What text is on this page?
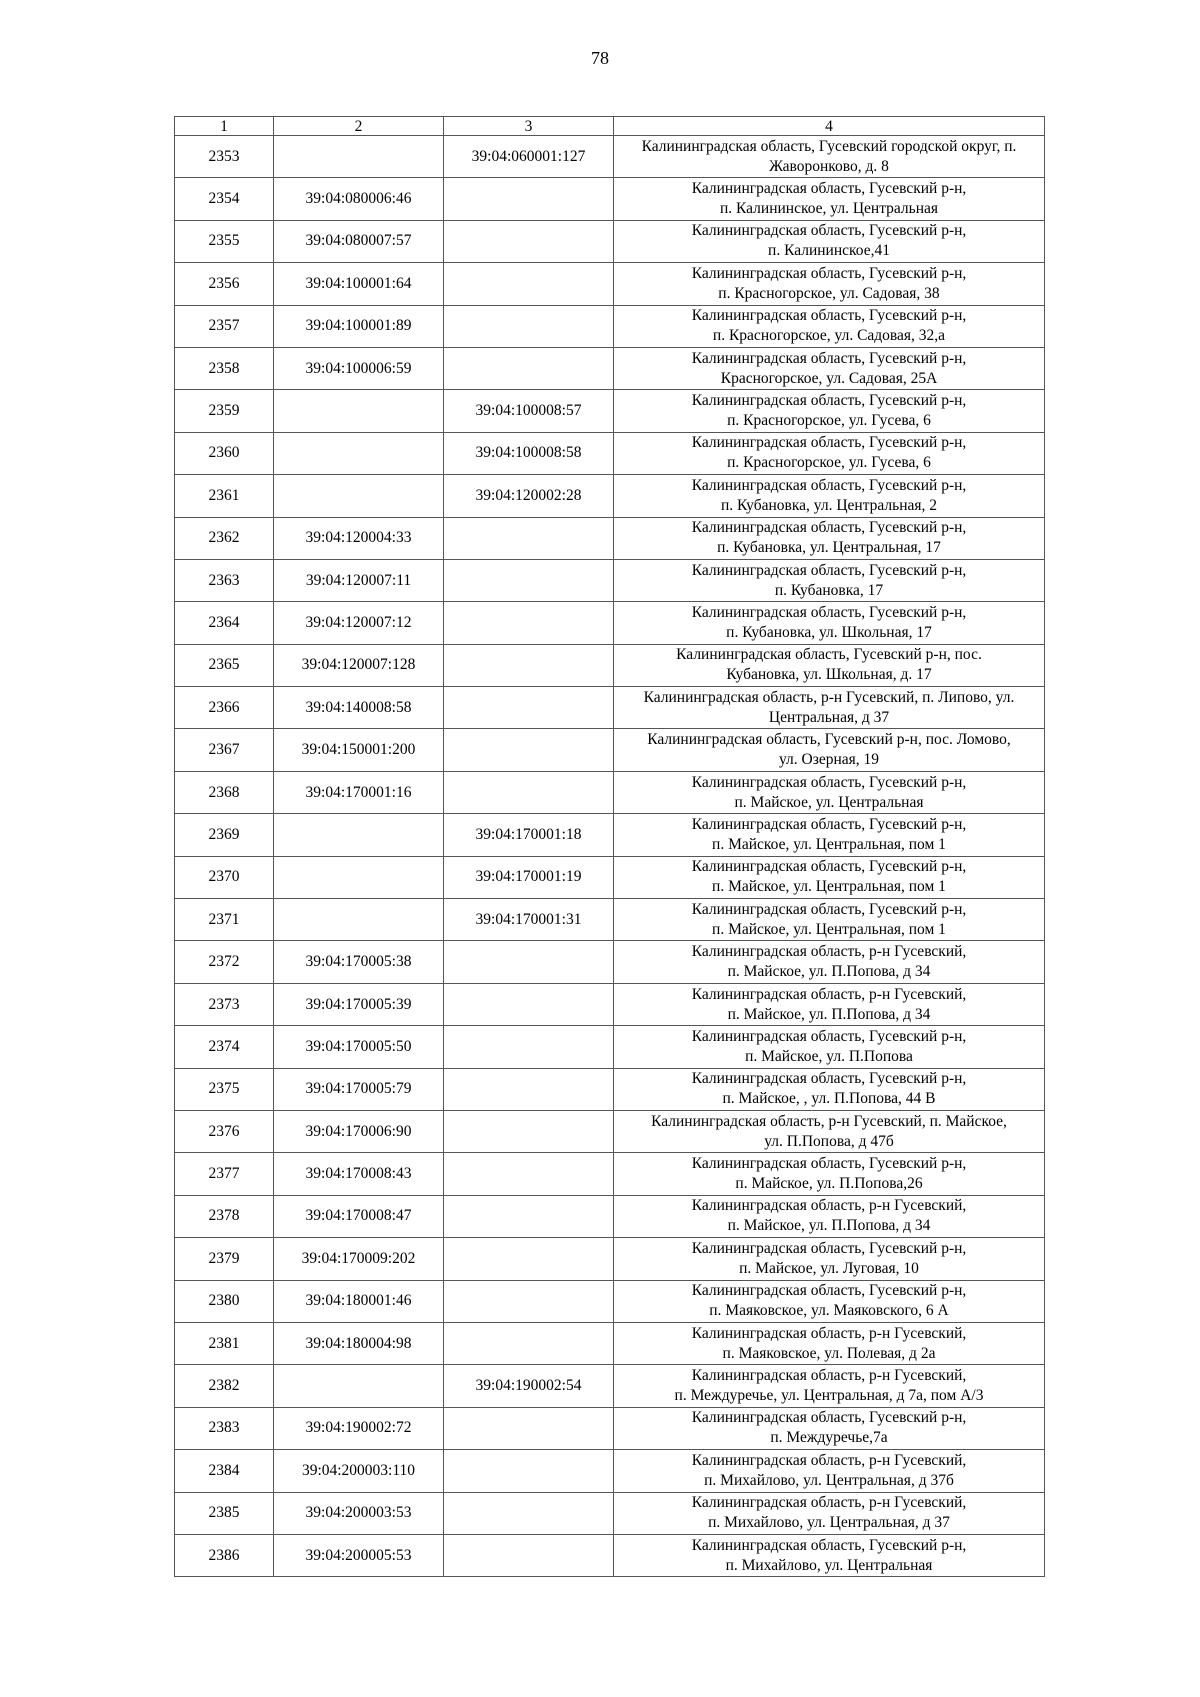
78
1	2	3	4
2353		39:04:060001:127	Калининградская область, Гусевский городской округ, п.
Жаворонково, д. 8
2354	39:04:080006:46		Калининградская область, Гусевский р-н,
п. Калининское, ул. Центральная
2355	39:04:080007:57		Калининградская область, Гусевский р-н,
п. Калининское,41
2356	39:04:100001:64		Калининградская область, Гусевский р-н,
п. Красногорское, ул. Садовая, 38
2357	39:04:100001:89		Калининградская область, Гусевский р-н,
п. Красногорское, ул. Садовая, 32,а
2358	39:04:100006:59		Калининградская область, Гусевский р-н,
Красногорское, ул. Садовая, 25А
2359		39:04:100008:57	Калининградская область, Гусевский р-н,
п. Красногорское, ул. Гусева, 6
2360		39:04:100008:58	Калининградская область, Гусевский р-н,
п. Красногорское, ул. Гусева, 6
2361		39:04:120002:28	Калининградская область, Гусевский р-н,
п. Кубановка, ул. Центральная, 2
2362	39:04:120004:33		Калининградская область, Гусевский р-н,
п. Кубановка, ул. Центральная, 17
2363	39:04:120007:11		Калининградская область, Гусевский р-н,
п. Кубановка, 17
2364	39:04:120007:12		Калининградская область, Гусевский р-н,
п. Кубановка, ул. Школьная, 17
2365	39:04:120007:128		Калининградская область, Гусевский р-н, пос.
Кубановка, ул. Школьная, д. 17
2366	39:04:140008:58		Калининградская область, р-н Гусевский, п. Липово, ул.
Центральная, д 37
2367	39:04:150001:200		Калининградская область, Гусевский р-н, пос. Ломово,
ул. Озерная, 19
2368	39:04:170001:16		Калининградская область, Гусевский р-н,
п. Майское, ул. Центральная
2369		39:04:170001:18	Калининградская область, Гусевский р-н,
п. Майское, ул. Центральная, пом 1
2370		39:04:170001:19	Калининградская область, Гусевский р-н,
п. Майское, ул. Центральная, пом 1
2371		39:04:170001:31	Калининградская область, Гусевский р-н,
п. Майское, ул. Центральная, пом 1
2372	39:04:170005:38		Калининградская область, р-н Гусевский,
п. Майское, ул. П.Попова, д 34
2373	39:04:170005:39		Калининградская область, р-н Гусевский,
п. Майское, ул. П.Попова, д 34
2374	39:04:170005:50		Калининградская область, Гусевский р-н,
п. Майское, ул. П.Попова
2375	39:04:170005:79		Калининградская область, Гусевский р-н,
п. Майское, , ул. П.Попова, 44 В
2376	39:04:170006:90		Калининградская область, р-н Гусевский, п. Майское,
ул. П.Попова, д 47б
2377	39:04:170008:43		Калининградская область, Гусевский р-н,
п. Майское, ул. П.Попова,26
2378	39:04:170008:47		Калининградская область, р-н Гусевский,
п. Майское, ул. П.Попова, д 34
2379	39:04:170009:202		Калининградская область, Гусевский р-н,
п. Майское, ул. Луговая, 10
2380	39:04:180001:46		Калининградская область, Гусевский р-н,
п. Маяковское, ул. Маяковского, 6 А
2381	39:04:180004:98		Калининградская область, р-н Гусевский,
п. Маяковское, ул. Полевая, д 2а
2382		39:04:190002:54	Калининградская область, р-н Гусевский,
п. Междуречье, ул. Центральная, д 7а, пом А/3
2383	39:04:190002:72		Калининградская область, Гусевский р-н,
п. Междуречье,7а
2384	39:04:200003:110		Калининградская область, р-н Гусевский,
п. Михайлово, ул. Центральная, д 37б
2385	39:04:200003:53		Калининградская область, р-н Гусевский,
п. Михайлово, ул. Центральная, д 37
2386	39:04:200005:53		Калининградская область, Гусевский р-н,
п. Михайлово, ул. Центральная
